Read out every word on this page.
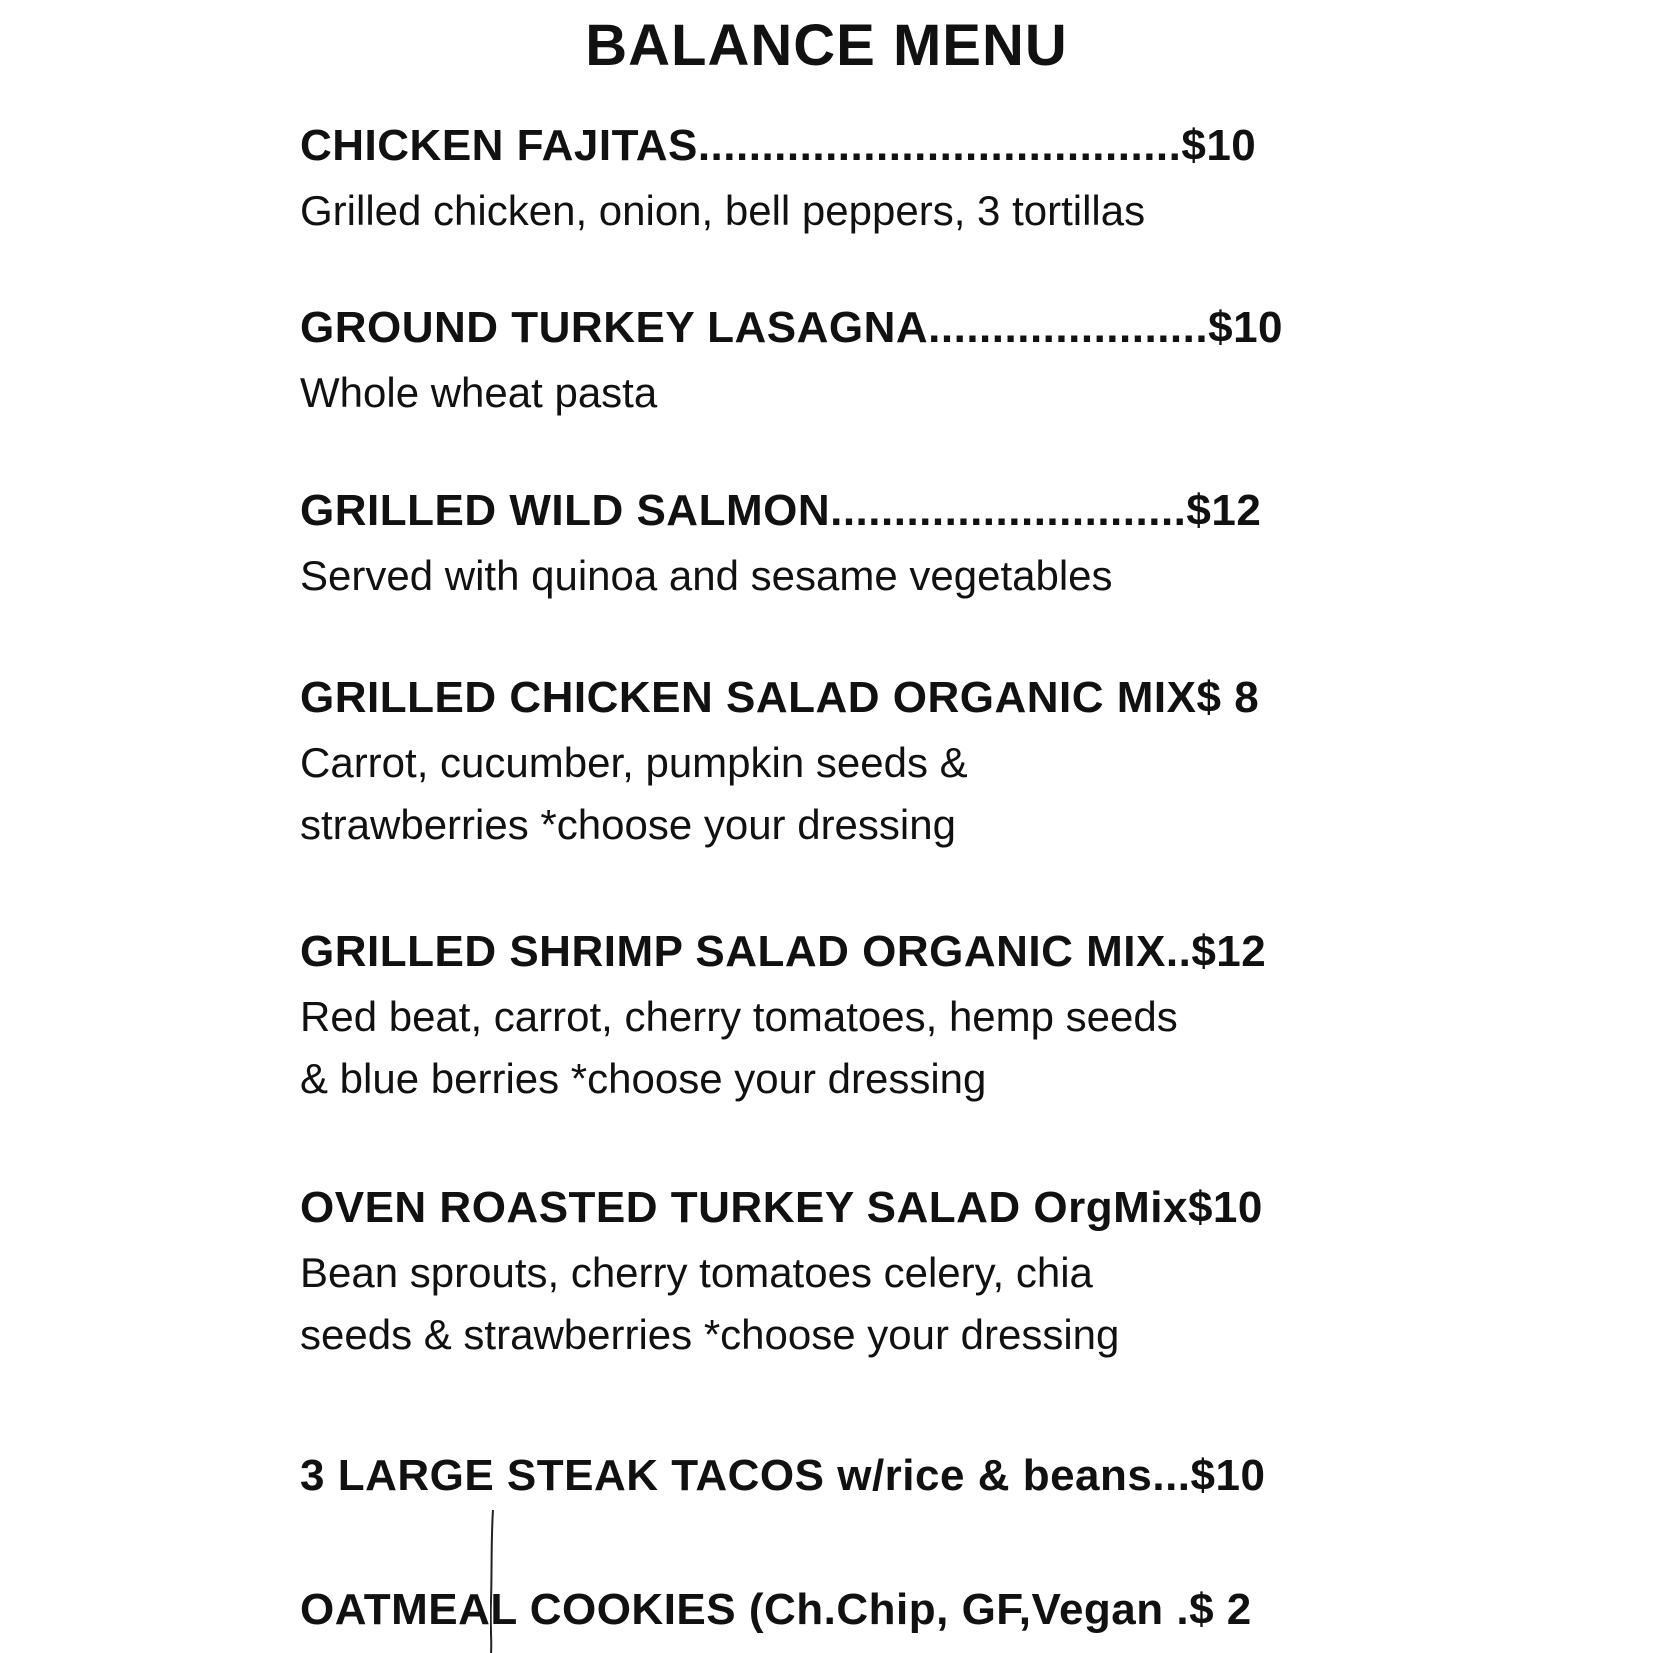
BALANCE MENU
CHICKEN FAJITAS......................................$10
Grilled chicken, onion, bell peppers, 3 tortillas
GROUND TURKEY LASAGNA......................$10
Whole wheat pasta
GRILLED WILD SALMON............................$12
Served with quinoa and sesame vegetables
GRILLED CHICKEN SALAD ORGANIC MIX$ 8
Carrot, cucumber, pumpkin seeds &
strawberries *choose your dressing
GRILLED SHRIMP SALAD ORGANIC MIX..$12
Red beat, carrot, cherry tomatoes, hemp seeds
& blue berries *choose your dressing
OVEN ROASTED TURKEY SALAD OrgMix$10
Bean sprouts, cherry tomatoes celery, chia
seeds & strawberries *choose your dressing
3 LARGE STEAK TACOS w/rice & beans...$10
OATMEAL COOKIES (Ch.Chip, GF,Vegan .$ 2
